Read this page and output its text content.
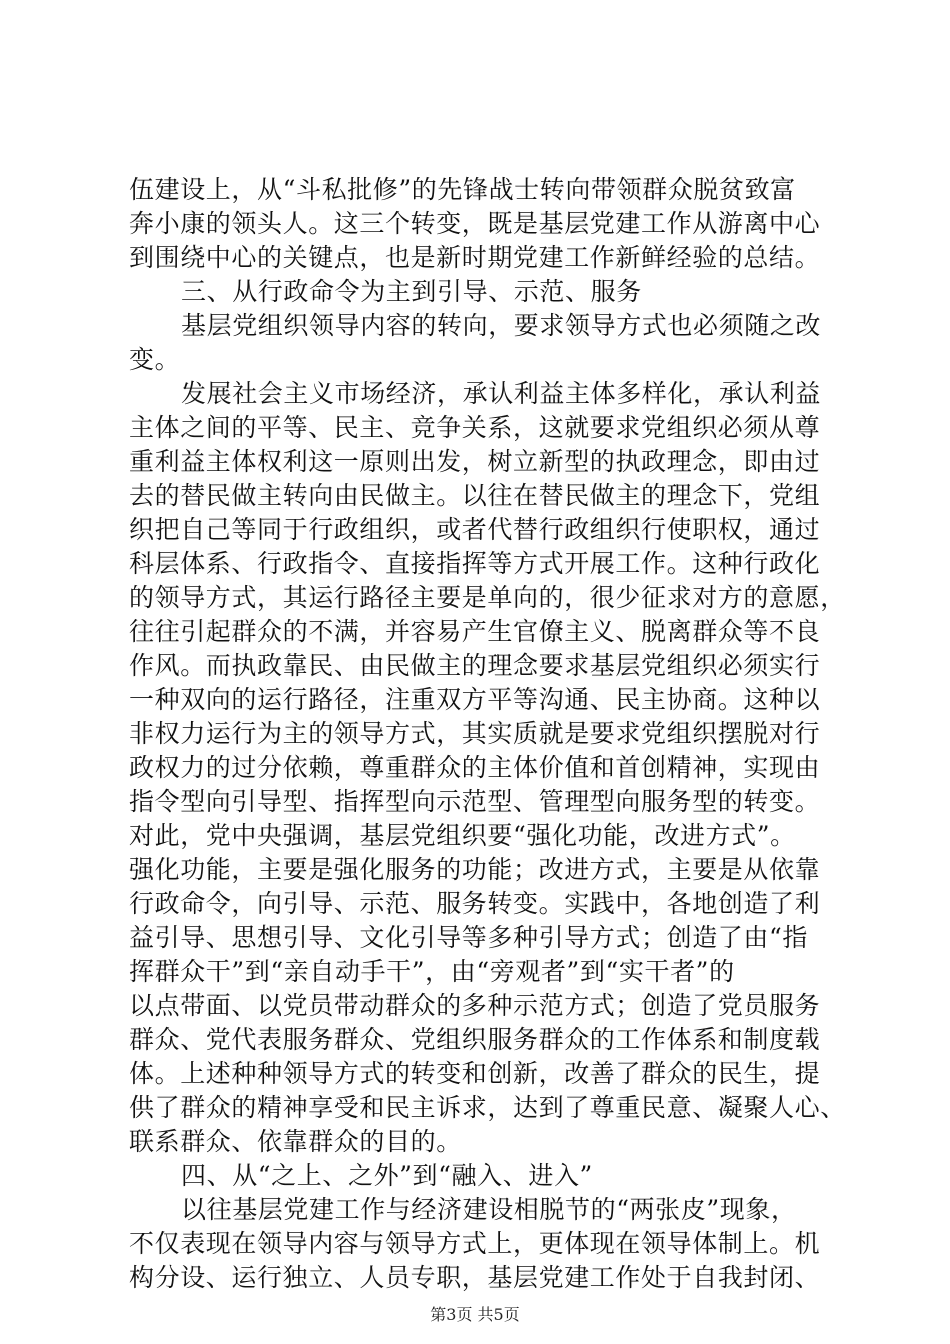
伍建设上，从“斗私批修”的先锋战士转向带领群众脱贫致富
奔小康的领头人。这三个转变，既是基层党建工作从游离中心
到围绕中心的关键点，也是新时期党建工作新鲜经验的总结。
三、从行政命令为主到引导、示范、服务
基层党组织领导内容的转向，要求领导方式也必须随之改
变。
发展社会主义市场经济，承认利益主体多样化，承认利益
主体之间的平等、民主、竞争关系，这就要求党组织必须从尊
重利益主体权利这一原则出发，树立新型的执政理念，即由过
去的替民做主转向由民做主。以往在替民做主的理念下，党组
织把自己等同于行政组织，或者代替行政组织行使职权，通过
科层体系、行政指令、直接指挥等方式开展工作。这种行政化
的领导方式，其运行路径主要是单向的，很少征求对方的意愿，
往往引起群众的不满，并容易产生官僚主义、脱离群众等不良
作风。而执政靠民、由民做主的理念要求基层党组织必须实行
一种双向的运行路径，注重双方平等沟通、民主协商。这种以
非权力运行为主的领导方式，其实质就是要求党组织摆脱对行
政权力的过分依赖，尊重群众的主体价值和首创精神，实现由
指令型向引导型、指挥型向示范型、管理型向服务型的转变。
对此，党中央强调，基层党组织要“强化功能，改进方式”。
强化功能，主要是强化服务的功能；改进方式，主要是从依靠
行政命令，向引导、示范、服务转变。实践中，各地创造了利
益引导、思想引导、文化引导等多种引导方式；创造了由“指
挥群众干”到“亲自动手干”，由“旁观者”到“实干者”的
以点带面、以党员带动群众的多种示范方式；创造了党员服务
群众、党代表服务群众、党组织服务群众的工作体系和制度载
体。上述种种领导方式的转变和创新，改善了群众的民生，提
供了群众的精神享受和民主诉求，达到了尊重民意、凝聚人心、
联系群众、依靠群众的目的。
四、从“之上、之外”到“融入、进入”
以往基层党建工作与经济建设相脱节的“两张皮”现象，
不仅表现在领导内容与领导方式上，更体现在领导体制上。机
构分设、运行独立、人员专职，基层党建工作处于自我封闭、
第3页 共5页
